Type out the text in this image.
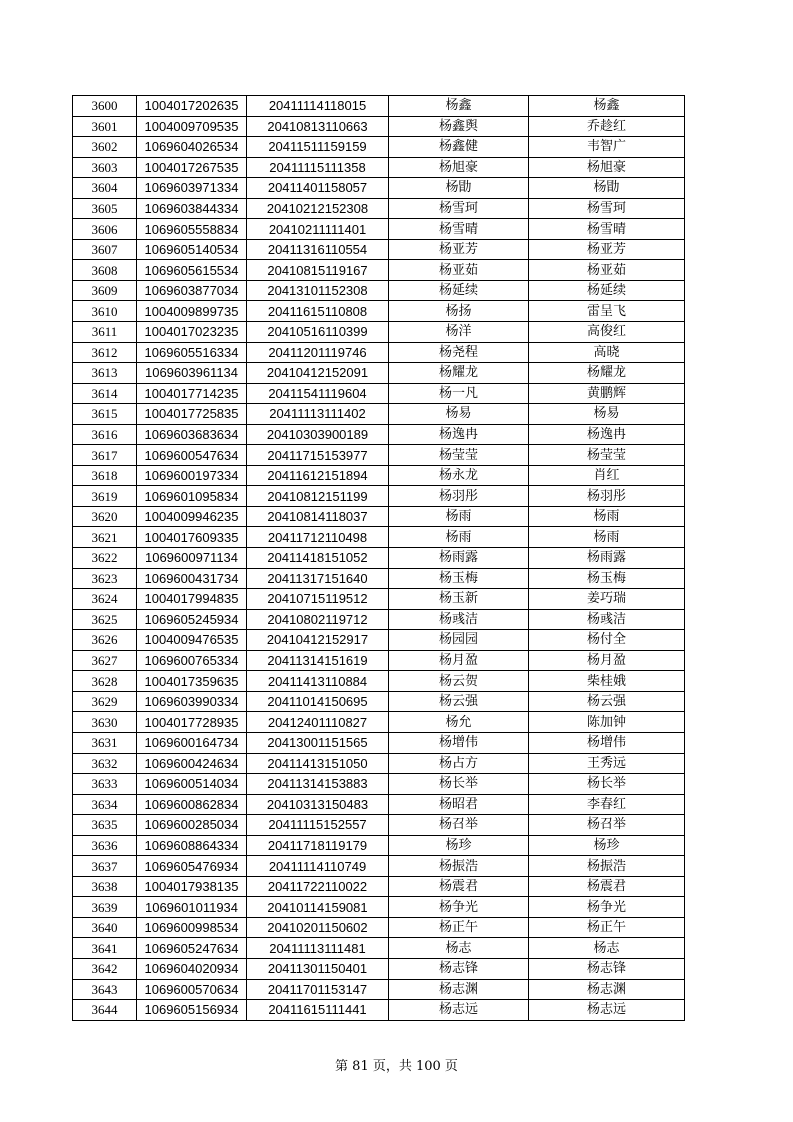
3600	1004017202635	20411114118015	杨鑫	杨鑫
3601	1004009709535	20410813110663	杨鑫舆	乔趁红
3602	1069604026534	20411511159159	杨鑫健	韦智广
3603	1004017267535	20411115111358	杨旭豪	杨旭豪
3604	1069603971334	20411401158057	杨勖	杨勖
3605	1069603844334	20410212152308	杨雪珂	杨雪珂
3606	1069605558834	20410211111401	杨雪晴	杨雪晴
3607	1069605140534	20411316110554	杨亚芳	杨亚芳
3608	1069605615534	20410815119167	杨亚茹	杨亚茹
3609	1069603877034	20413101152308	杨延续	杨延续
3610	1004009899735	20411615110808	杨扬	雷呈飞
3611	1004017023235	20410516110399	杨洋	高俊红
3612	1069605516334	20411201119746	杨尧程	高晓
3613	1069603961134	20410412152091	杨耀龙	杨耀龙
3614	1004017714235	20411541119604	杨一凡	黄鹏辉
3615	1004017725835	20411113111402	杨易	杨易
3616	1069603683634	20410303900189	杨逸冉	杨逸冉
3617	1069600547634	20411715153977	杨莹莹	杨莹莹
3618	1069600197334	20411612151894	杨永龙	肖红
3619	1069601095834	20410812151199	杨羽彤	杨羽彤
3620	1004009946235	20410814118037	杨雨	杨雨
3621	1004017609335	20411712110498	杨雨	杨雨
3622	1069600971134	20411418151052	杨雨露	杨雨露
3623	1069600431734	20411317151640	杨玉梅	杨玉梅
3624	1004017994835	20410715119512	杨玉新	姜巧瑞
3625	1069605245934	20410802119712	杨彧洁	杨彧洁
3626	1004009476535	20410412152917	杨园园	杨付全
3627	1069600765334	20411314151619	杨月盈	杨月盈
3628	1004017359635	20411413110884	杨云贺	柴桂娥
3629	1069603990334	20411014150695	杨云强	杨云强
3630	1004017728935	20412401110827	杨允	陈加钟
3631	1069600164734	20413001151565	杨增伟	杨增伟
3632	1069600424634	20411413151050	杨占方	王秀远
3633	1069600514034	20411314153883	杨长举	杨长举
3634	1069600862834	20410313150483	杨昭君	李春红
3635	1069600285034	20411115152557	杨召举	杨召举
3636	1069608864334	20411718119179	杨珍	杨珍
3637	1069605476934	20411114110749	杨振浩	杨振浩
3638	1004017938135	20411722110022	杨震君	杨震君
3639	1069601011934	20410114159081	杨争光	杨争光
3640	1069600998534	20410201150602	杨正午	杨正午
3641	1069605247634	20411113111481	杨志	杨志
3642	1069604020934	20411301150401	杨志锋	杨志锋
3643	1069600570634	20411701153147	杨志渊	杨志渊
3644	1069605156934	20411615111441	杨志远	杨志远
第 81 页，共 100 页
